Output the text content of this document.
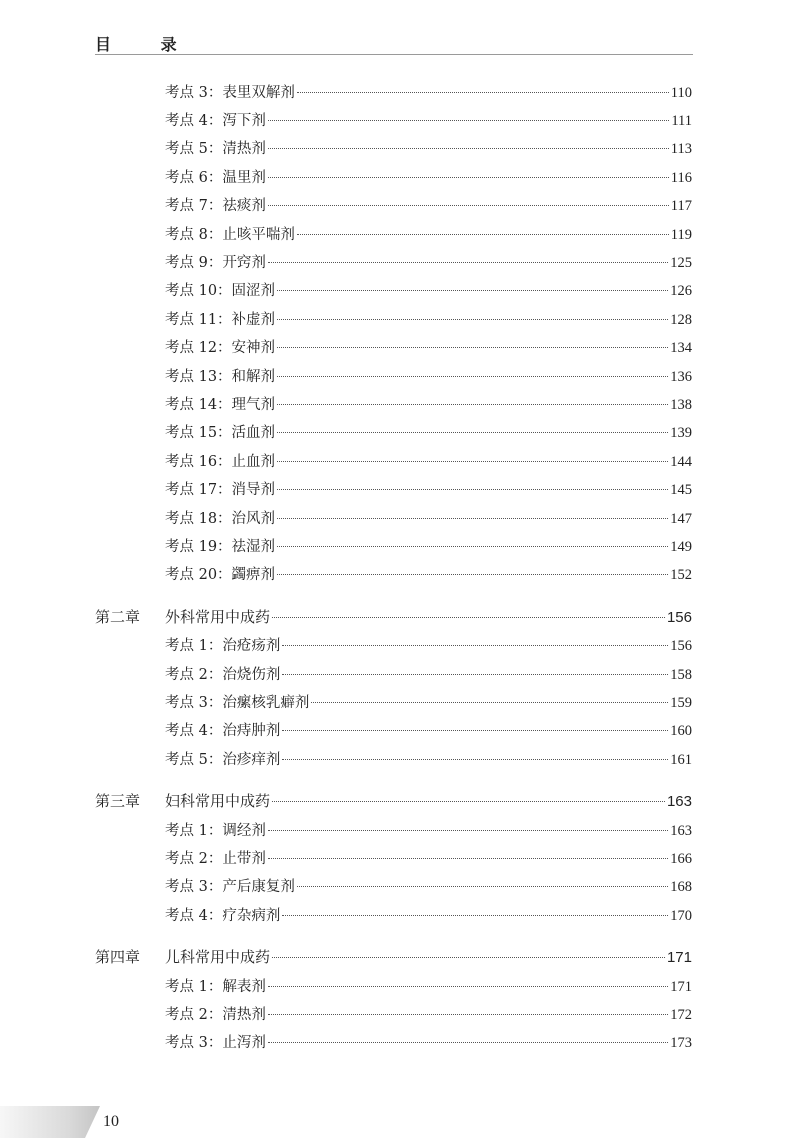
目 录
考点 3：表里双解剂	110
考点 4：泻下剂	111
考点 5：清热剂	113
考点 6：温里剂	116
考点 7：祛痰剂	117
考点 8：止咳平喘剂	119
考点 9：开窍剂	125
考点 10：固涩剂	126
考点 11：补虚剂	128
考点 12：安神剂	134
考点 13：和解剂	136
考点 14：理气剂	138
考点 15：活血剂	139
考点 16：止血剂	144
考点 17：消导剂	145
考点 18：治风剂	147
考点 19：祛湿剂	149
考点 20：蠲痹剂	152
第二章	外科常用中成药	156
考点 1：治疮疡剂	156
考点 2：治烧伤剂	158
考点 3：治瘰核乳癖剂	159
考点 4：治痔肿剂	160
考点 5：治疹痒剂	161
第三章	妇科常用中成药	163
考点 1：调经剂	163
考点 2：止带剂	166
考点 3：产后康复剂	168
考点 4：疗杂病剂	170
第四章	儿科常用中成药	171
考点 1：解表剂	171
考点 2：清热剂	172
考点 3：止泻剂	173
10
